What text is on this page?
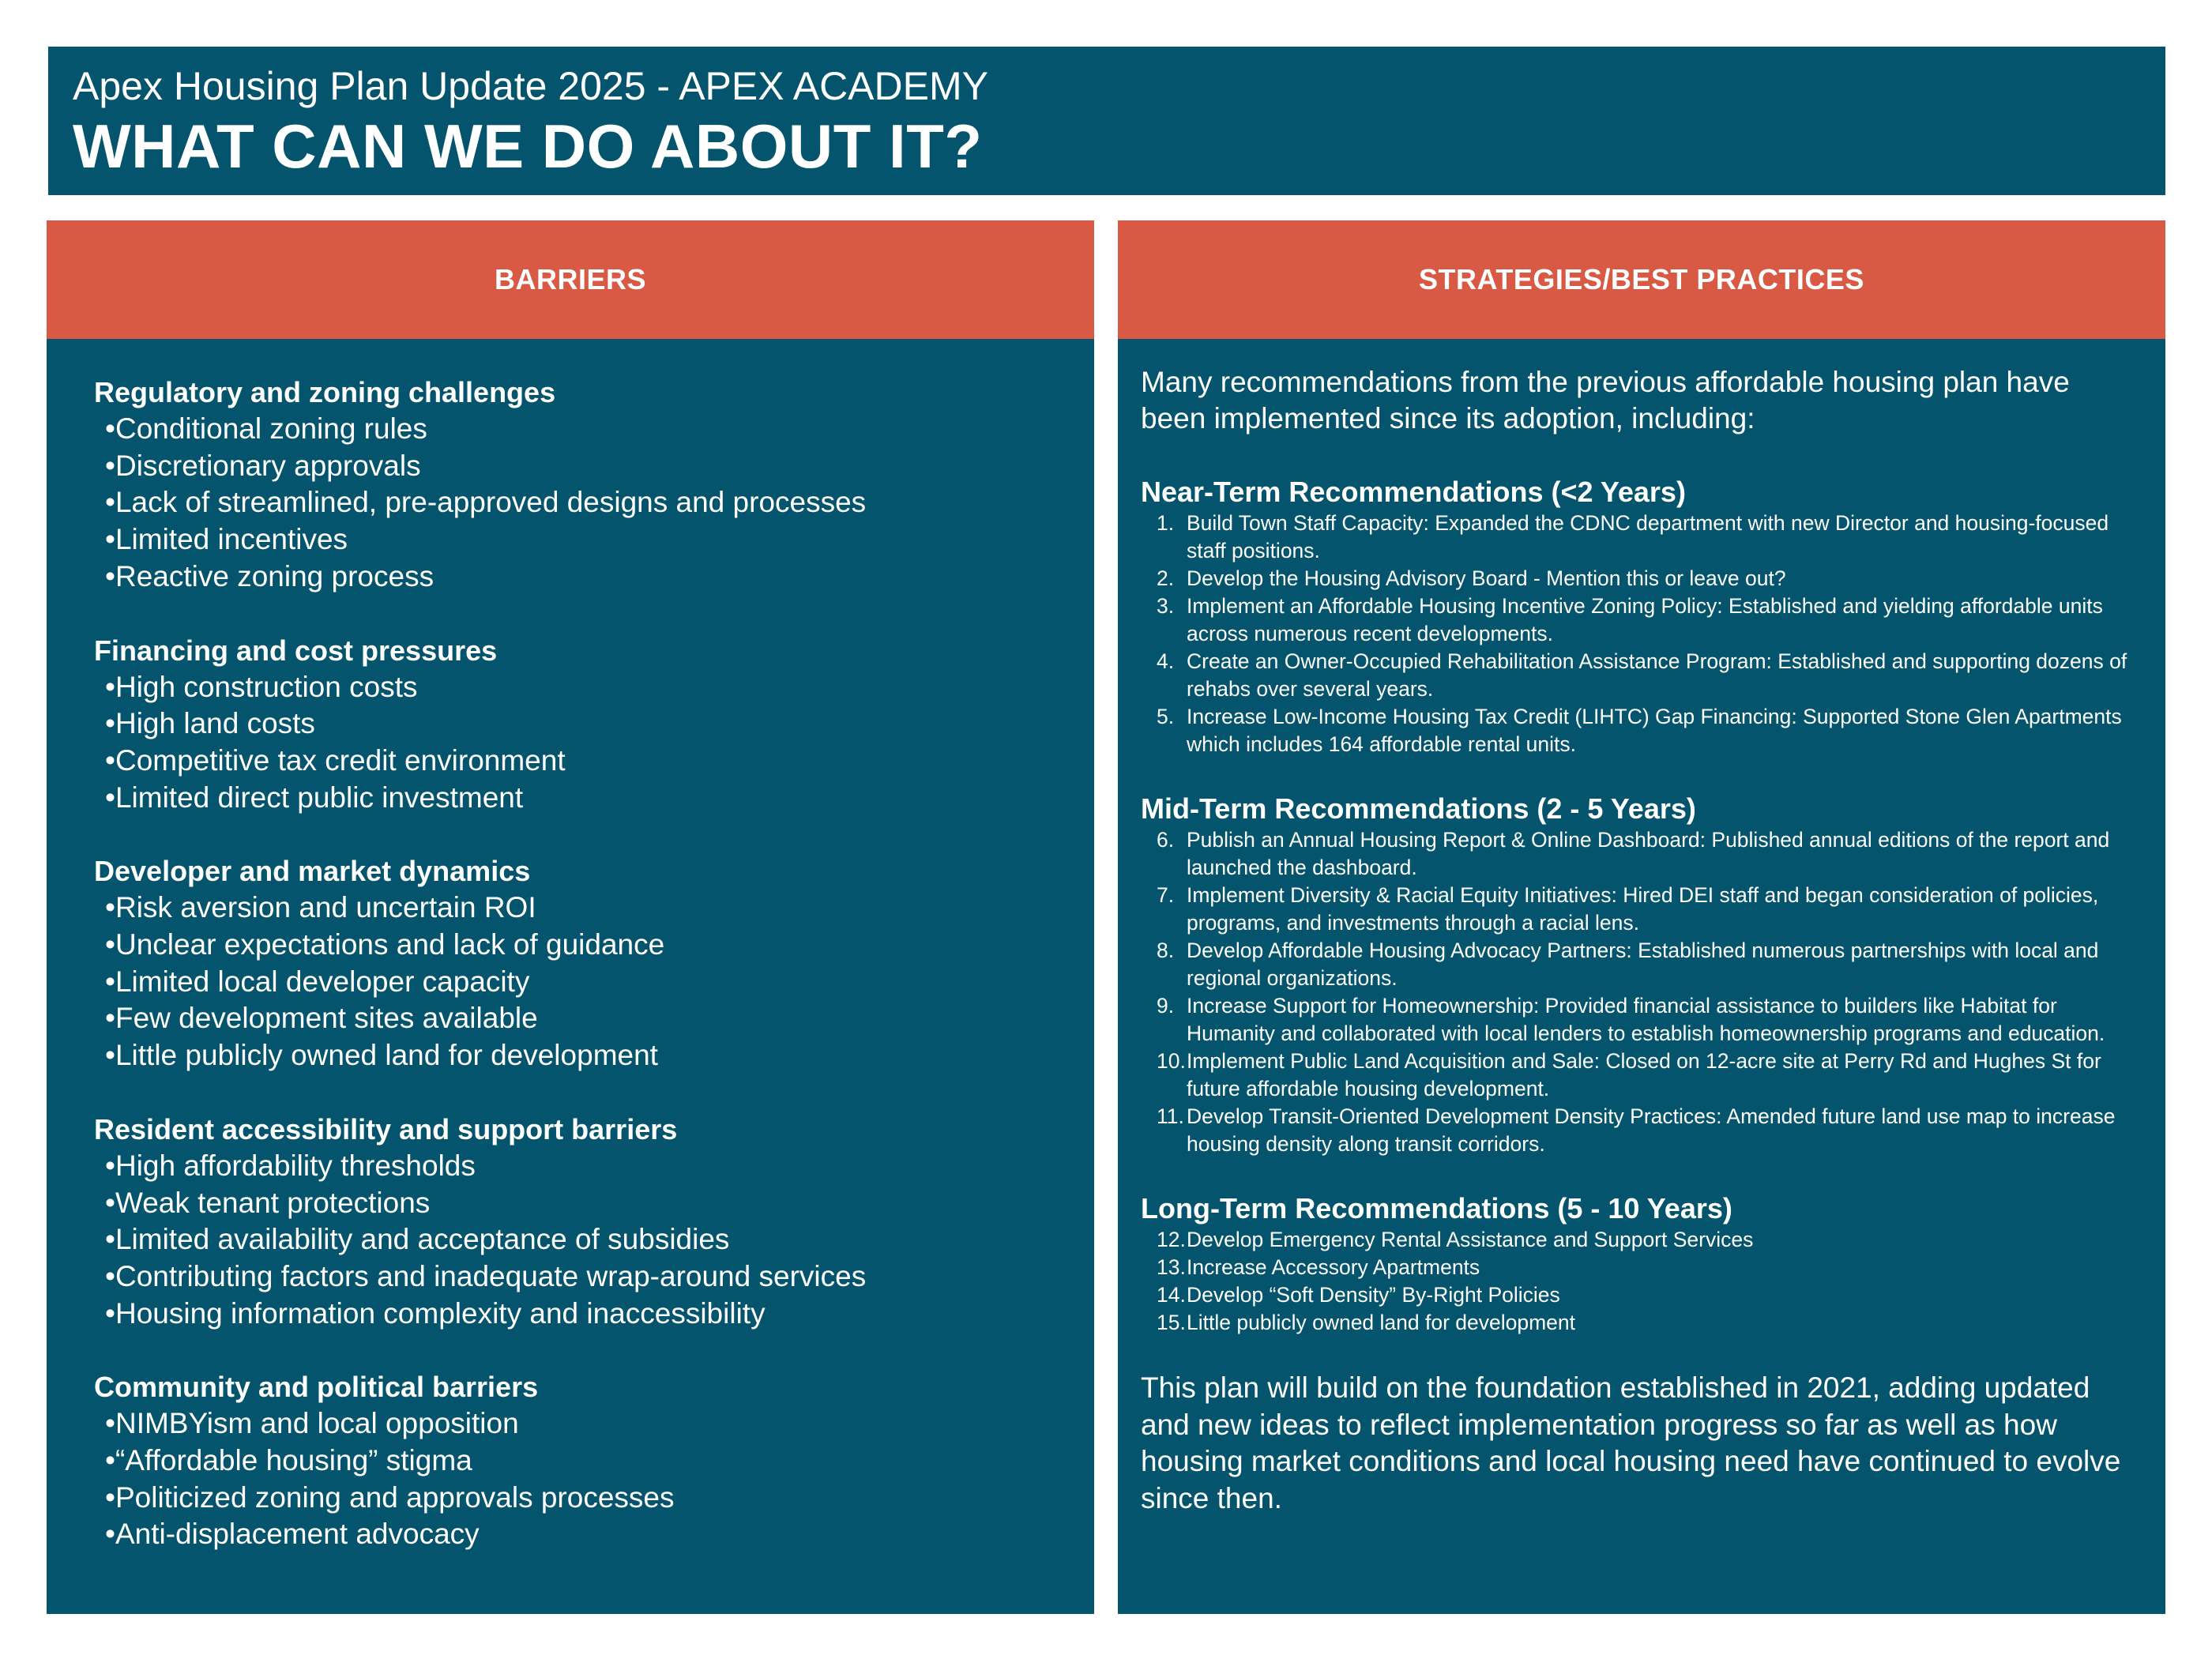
Apex Housing Plan Update 2025 - APEX ACADEMY
WHAT CAN WE DO ABOUT IT?
BARRIERS
Regulatory and zoning challenges
• Conditional zoning rules
• Discretionary approvals
• Lack of streamlined, pre-approved designs and processes
• Limited incentives
• Reactive zoning process
Financing and cost pressures
• High construction costs
• High land costs
• Competitive tax credit environment
• Limited direct public investment
Developer and market dynamics
• Risk aversion and uncertain ROI
• Unclear expectations and lack of guidance
• Limited local developer capacity
• Few development sites available
• Little publicly owned land for development
Resident accessibility and support barriers
• High affordability thresholds
• Weak tenant protections
• Limited availability and acceptance of subsidies
• Contributing factors and inadequate wrap-around services
• Housing information complexity and inaccessibility
Community and political barriers
• NIMBYism and local opposition
• “Affordable housing” stigma
• Politicized zoning and approvals processes
• Anti-displacement advocacy
STRATEGIES/BEST PRACTICES
Many recommendations from the previous affordable housing plan have been implemented since its adoption, including:
Near-Term Recommendations (<2 Years)
1. Build Town Staff Capacity: Expanded the CDNC department with new Director and housing-focused staff positions.
2. Develop the Housing Advisory Board - Mention this or leave out?
3. Implement an Affordable Housing Incentive Zoning Policy: Established and yielding affordable units across numerous recent developments.
4. Create an Owner-Occupied Rehabilitation Assistance Program: Established and supporting dozens of rehabs over several years.
5. Increase Low-Income Housing Tax Credit (LIHTC) Gap Financing: Supported Stone Glen Apartments which includes 164 affordable rental units.
Mid-Term Recommendations (2 - 5 Years)
6. Publish an Annual Housing Report & Online Dashboard: Published annual editions of the report and launched the dashboard.
7. Implement Diversity & Racial Equity Initiatives: Hired DEI staff and began consideration of policies, programs, and investments through a racial lens.
8. Develop Affordable Housing Advocacy Partners: Established numerous partnerships with local and regional organizations.
9. Increase Support for Homeownership: Provided financial assistance to builders like Habitat for Humanity and collaborated with local lenders to establish homeownership programs and education.
10. Implement Public Land Acquisition and Sale: Closed on 12-acre site at Perry Rd and Hughes St for future affordable housing development.
11. Develop Transit-Oriented Development Density Practices: Amended future land use map to increase housing density along transit corridors.
Long-Term Recommendations (5 - 10 Years)
12. Develop Emergency Rental Assistance and Support Services
13. Increase Accessory Apartments
14. Develop “Soft Density” By-Right Policies
15. Little publicly owned land for development
This plan will build on the foundation established in 2021, adding updated and new ideas to reflect implementation progress so far as well as how housing market conditions and local housing need have continued to evolve since then.
